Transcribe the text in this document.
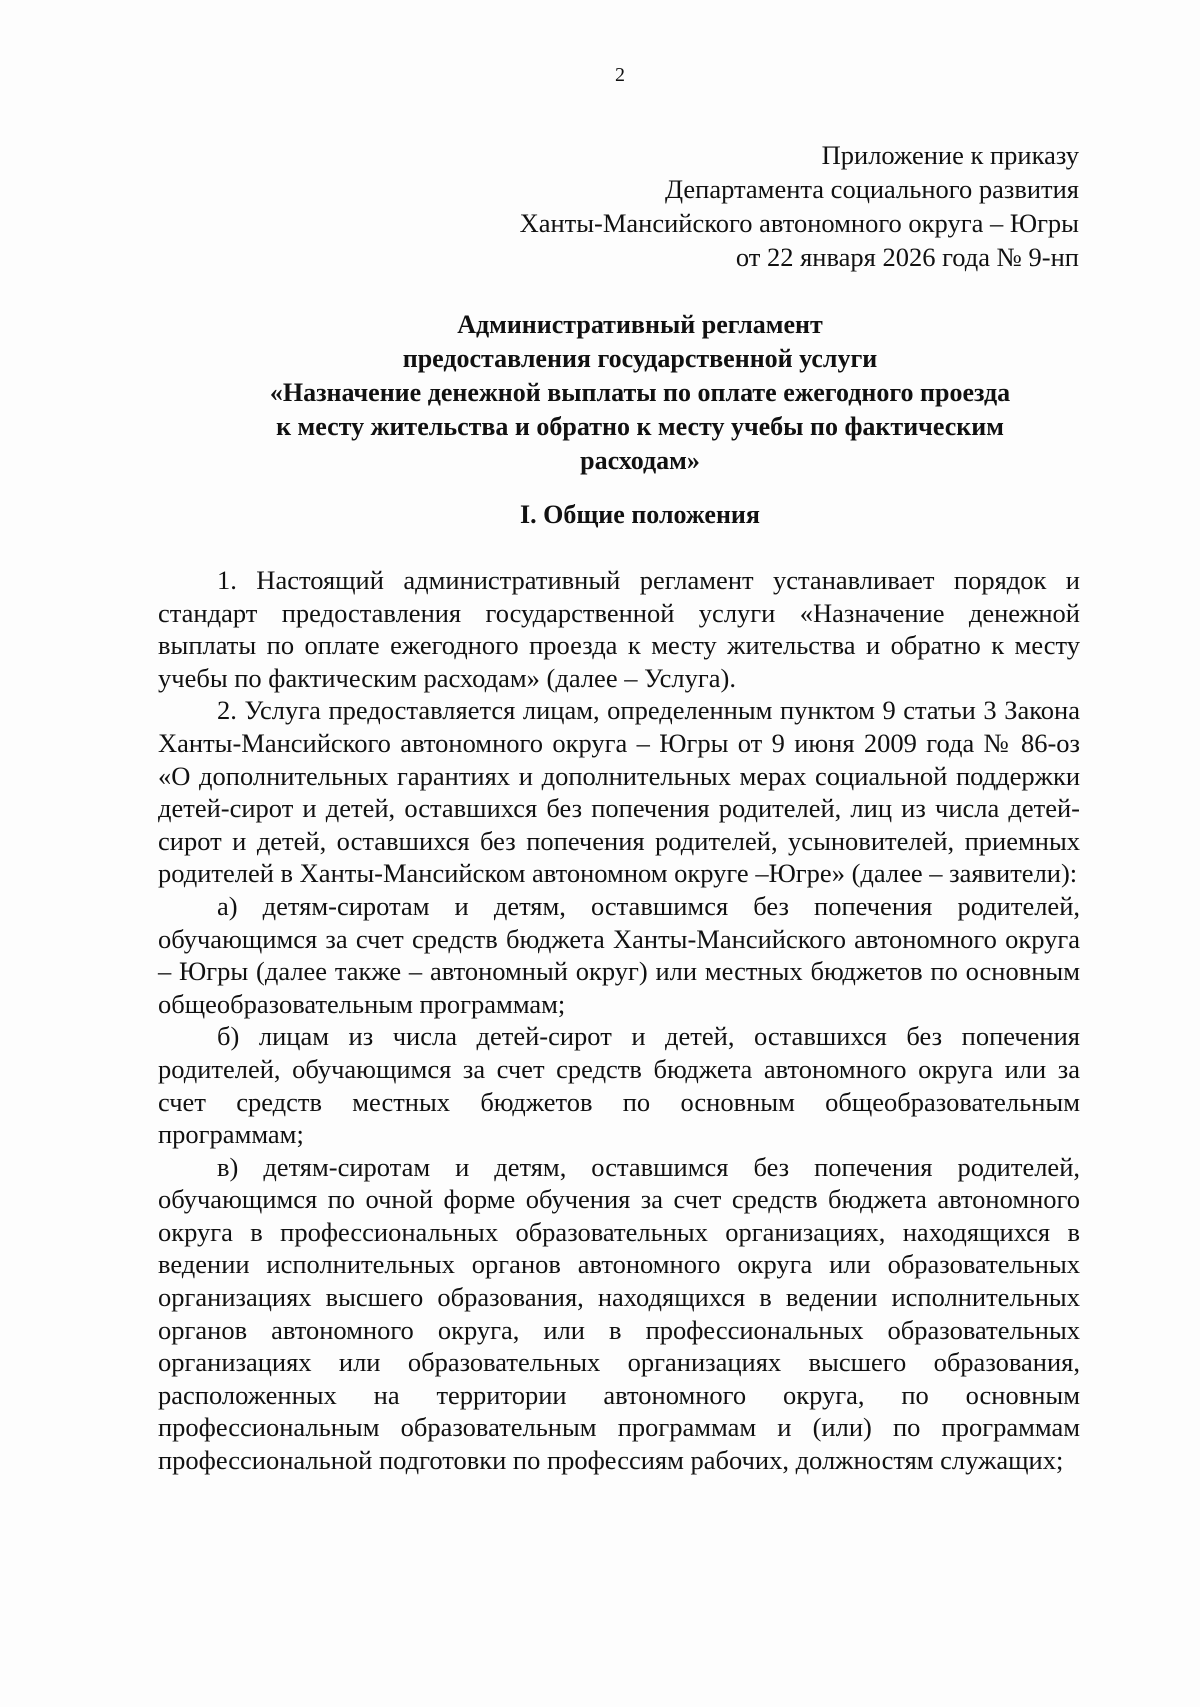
2
Приложение к приказу
Департамента социального развития
Ханты-Мансийского автономного округа – Югры
от 22 января 2026 года № 9-нп
Административный регламент
предоставления государственной услуги
«Назначение денежной выплаты по оплате ежегодного проезда
к месту жительства и обратно к месту учебы по фактическим
расходам»
I. Общие положения

1. Настоящий административный регламент устанавливает порядок и стандарт предоставления государственной услуги «Назначение денежной выплаты по оплате ежегодного проезда к месту жительства и обратно к месту учебы по фактическим расходам» (далее – Услуга).

2. Услуга предоставляется лицам, определенным пунктом 9 статьи 3 Закона Ханты-Мансийского автономного округа – Югры от 9 июня 2009 года № 86-оз «О дополнительных гарантиях и дополнительных мерах социальной поддержки детей-сирот и детей, оставшихся без попечения родителей, лиц из числа детей-сирот и детей, оставшихся без попечения родителей, усыновителей, приемных родителей в Ханты-Мансийском автономном округе –Югре» (далее – заявители):

а) детям-сиротам и детям, оставшимся без попечения родителей, обучающимся за счет средств бюджета Ханты-Мансийского автономного округа – Югры (далее также – автономный округ) или местных бюджетов по основным общеобразовательным программам;

б) лицам из числа детей-сирот и детей, оставшихся без попечения родителей, обучающимся за счет средств бюджета автономного округа или за счет средств местных бюджетов по основным общеобразовательным программам;

в) детям-сиротам и детям, оставшимся без попечения родителей, обучающимся по очной форме обучения за счет средств бюджета автономного округа в профессиональных образовательных организациях, находящихся в ведении исполнительных органов автономного округа или образовательных организациях высшего образования, находящихся в ведении исполнительных органов автономного округа, или в профессиональных образовательных организациях или образовательных организациях высшего образования, расположенных на территории автономного округа, по основным профессиональным образовательным программам и (или) по программам профессиональной подготовки по профессиям рабочих, должностям служащих;
